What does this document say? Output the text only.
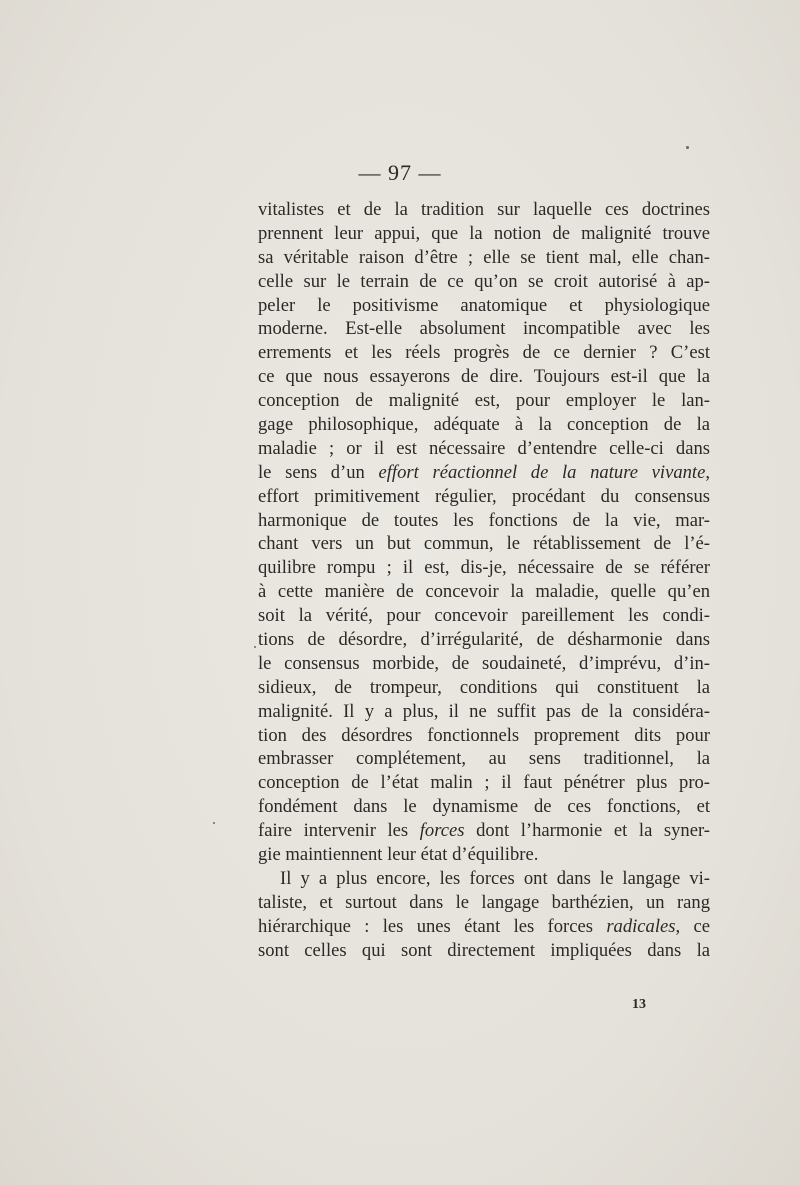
— 97 —
vitalistes et de la tradition sur laquelle ces doctrines
prennent leur appui, que la notion de malignité trouve
sa véritable raison d’être ; elle se tient mal, elle chan-
celle sur le terrain de ce qu’on se croit autorisé à ap-
peler le positivisme anatomique et physiologique
moderne. Est-elle absolument incompatible avec les
errements et les réels progrès de ce dernier ? C’est
ce que nous essayerons de dire. Toujours est-il que la
conception de malignité est, pour employer le lan-
gage philosophique, adéquate à la conception de la
maladie ; or il est nécessaire d’entendre celle-ci dans
le sens d’un effort réactionnel de la nature vivante,
effort primitivement régulier, procédant du consensus
harmonique de toutes les fonctions de la vie, mar-
chant vers un but commun, le rétablissement de l’é-
quilibre rompu ; il est, dis-je, nécessaire de se référer
à cette manière de concevoir la maladie, quelle qu’en
soit la vérité, pour concevoir pareillement les condi-
tions de désordre, d’irrégularité, de désharmonie dans
le consensus morbide, de soudaineté, d’imprévu, d’in-
sidieux, de trompeur, conditions qui constituent la
malignité. Il y a plus, il ne suffit pas de la considéra-
tion des désordres fonctionnels proprement dits pour
embrasser complétement, au sens traditionnel, la
conception de l’état malin ; il faut pénétrer plus pro-
fondément dans le dynamisme de ces fonctions, et
faire intervenir les forces dont l’harmonie et la syner-
gie maintiennent leur état d’équilibre.
Il y a plus encore, les forces ont dans le langage vi-
taliste, et surtout dans le langage barthézien, un rang
hiérarchique : les unes étant les forces radicales, ce
sont celles qui sont directement impliquées dans la
13
